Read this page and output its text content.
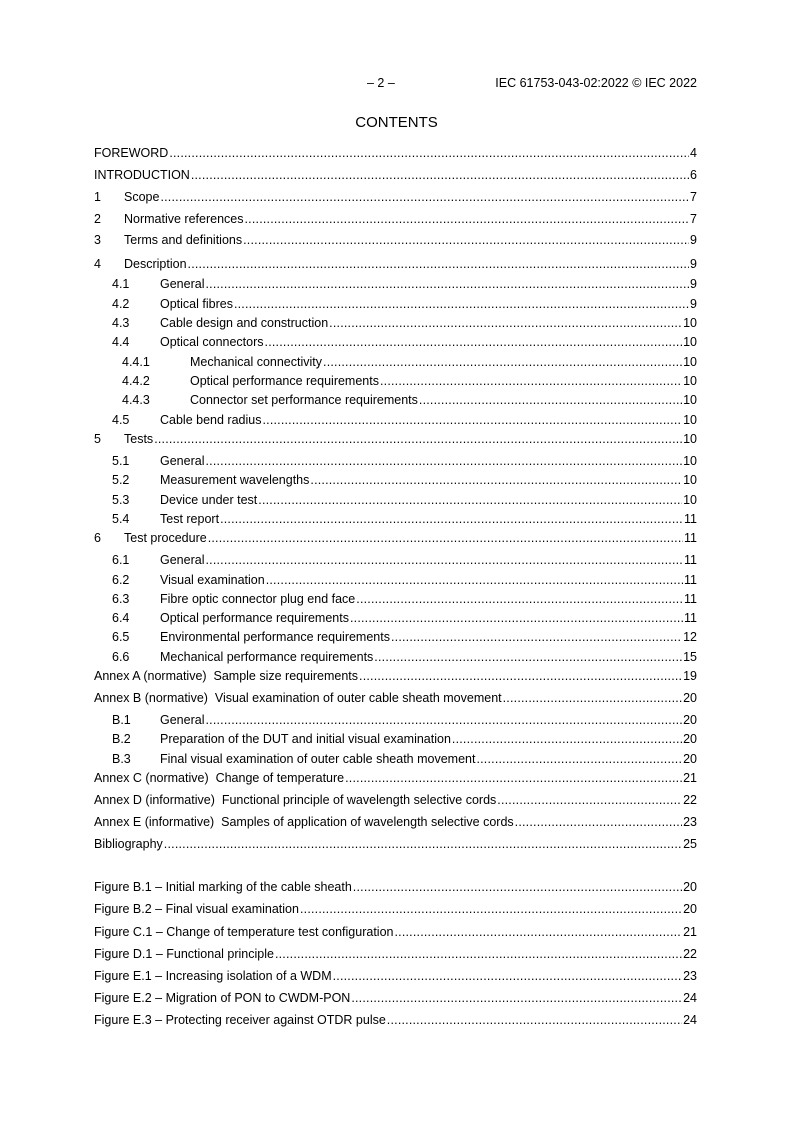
– 2 –	IEC 61753-043-02:2022 © IEC 2022
CONTENTS
FOREWORD .....	4
INTRODUCTION .....	6
1	Scope .....	7
2	Normative references .....	7
3	Terms and definitions .....	9
4	Description .....	9
4.1	General .....	9
4.2	Optical fibres .....	9
4.3	Cable design and construction .....	10
4.4	Optical connectors .....	10
4.4.1	Mechanical connectivity .....	10
4.4.2	Optical performance requirements .....	10
4.4.3	Connector set performance requirements .....	10
4.5	Cable bend radius .....	10
5	Tests .....	10
5.1	General .....	10
5.2	Measurement wavelengths .....	10
5.3	Device under test .....	10
5.4	Test report .....	11
6	Test procedure .....	11
6.1	General .....	11
6.2	Visual examination .....	11
6.3	Fibre optic connector plug end face .....	11
6.4	Optical performance requirements .....	11
6.5	Environmental performance requirements .....	12
6.6	Mechanical performance requirements .....	15
Annex A (normative)  Sample size requirements .....	19
Annex B (normative)  Visual examination of outer cable sheath movement .....	20
B.1	General .....	20
B.2	Preparation of the DUT and initial visual examination .....	20
B.3	Final visual examination of outer cable sheath movement .....	20
Annex C (normative)  Change of temperature .....	21
Annex D (informative)  Functional principle of wavelength selective cords .....	22
Annex E (informative)  Samples of application of wavelength selective cords .....	23
Bibliography .....	25
Figure B.1 – Initial marking of the cable sheath .....	20
Figure B.2 – Final visual examination .....	20
Figure C.1 – Change of temperature test configuration .....	21
Figure D.1 – Functional principle .....	22
Figure E.1 – Increasing isolation of a WDM .....	23
Figure E.2 – Migration of PON to CWDM-PON .....	24
Figure E.3 – Protecting receiver against OTDR pulse .....	24
